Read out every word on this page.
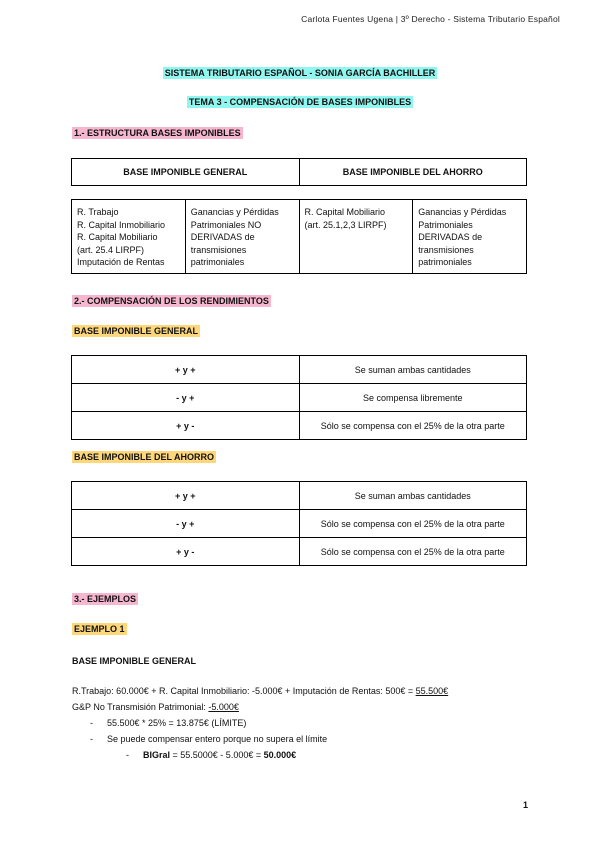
Carlota Fuentes Ugena | 3º Derecho - Sistema Tributario Español
SISTEMA TRIBUTARIO ESPAÑOL - SONIA GARCÍA BACHILLER
TEMA 3 - COMPENSACIÓN DE BASES IMPONIBLES
1.- ESTRUCTURA BASES IMPONIBLES
BASE IMPONIBLE GENERAL	BASE IMPONIBLE DEL AHORRO
R. Trabajo
R. Capital Inmobiliario
R. Capital Mobiliario
(art. 25.4 LIRPF)
Imputación de Rentas

Ganancias y Pérdidas
Patrimoniales NO
DERIVADAS de
transmisiones
patrimoniales

R. Capital Mobiliario
(art. 25.1,2,3 LIRPF)

Ganancias y Pérdidas
Patrimoniales
DERIVADAS de
transmisiones
patrimoniales
2.- COMPENSACIÓN DE LOS RENDIMIENTOS
BASE IMPONIBLE GENERAL
+ y +	Se suman ambas cantidades
- y +	Se compensa libremente
+ y -	Sólo se compensa con el 25% de la otra parte
BASE IMPONIBLE DEL AHORRO
+ y +	Se suman ambas cantidades
- y +	Sólo se compensa con el 25% de la otra parte
+ y -	Sólo se compensa con el 25% de la otra parte
3.- EJEMPLOS
EJEMPLO 1
BASE IMPONIBLE GENERAL
R.Trabajo: 60.000€ + R. Capital Inmobiliario: -5.000€ + Imputación de Rentas: 500€ = 55.500€
G&P No Transmisión Patrimonial: -5.000€
- 55.500€ * 25% = 13.875€ (LÍMITE)
- Se puede compensar entero porque no supera el límite
- BIGral = 55.5000€ - 5.000€ = 50.000€
1
